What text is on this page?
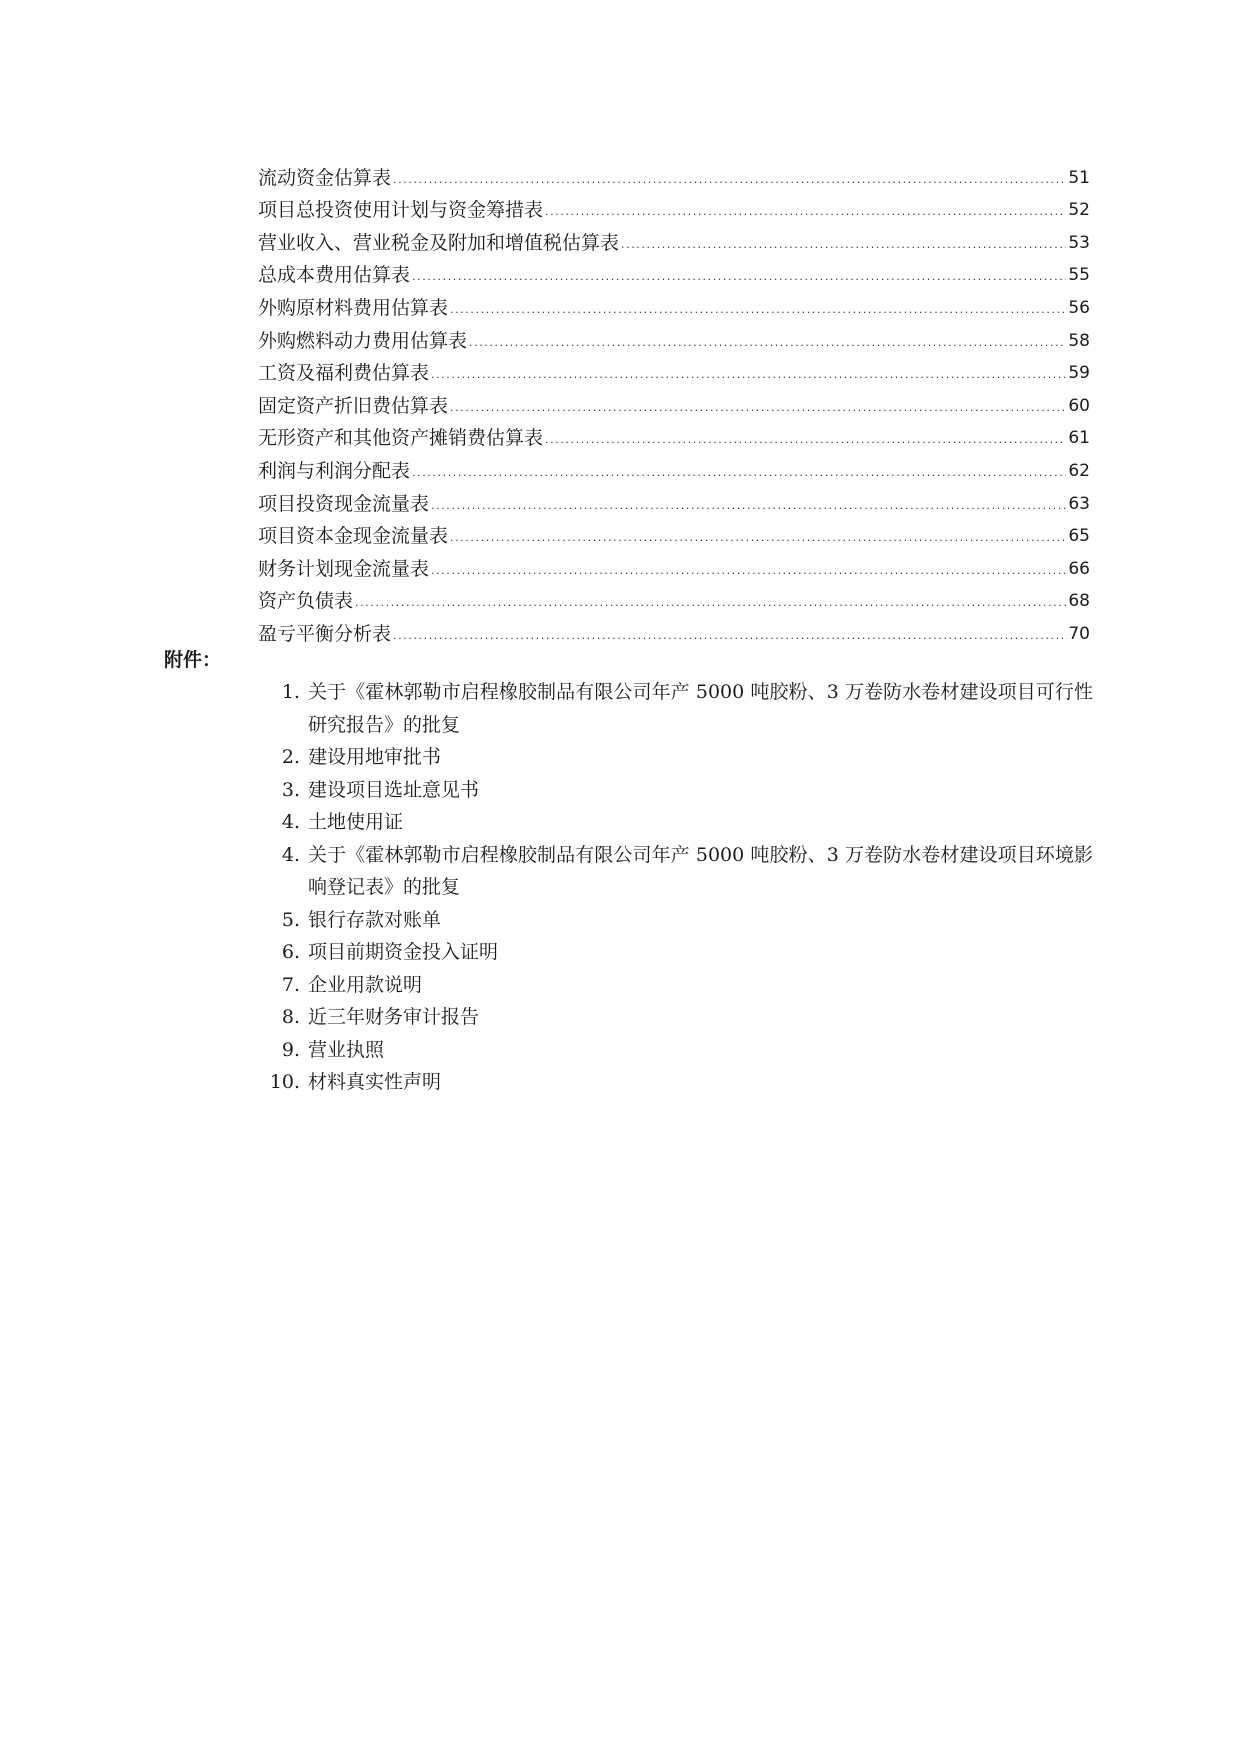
流动资金估算表 .....	51
项目总投资使用计划与资金筹措表 .....	52
营业收入、营业税金及附加和增值税估算表 .....	53
总成本费用估算表 .....	55
外购原材料费用估算表 .....	56
外购燃料动力费用估算表 .....	58
工资及福利费估算表 .....	59
固定资产折旧费估算表 .....	60
无形资产和其他资产摊销费估算表 .....	61
利润与利润分配表 .....	62
项目投资现金流量表 .....	63
项目资本金现金流量表 .....	65
财务计划现金流量表 .....	66
资产负债表 .....	68
盈亏平衡分析表 .....	70
附件：
1. 关于《霍林郭勒市启程橡胶制品有限公司年产 5000 吨胶粉、3 万卷防水卷材建设项目可行性研究报告》的批复
2. 建设用地审批书
3. 建设项目选址意见书
4. 土地使用证
4. 关于《霍林郭勒市启程橡胶制品有限公司年产 5000 吨胶粉、3 万卷防水卷材建设项目环境影响登记表》的批复
5. 银行存款对账单
6. 项目前期资金投入证明
7. 企业用款说明
8. 近三年财务审计报告
9. 营业执照
10. 材料真实性声明
